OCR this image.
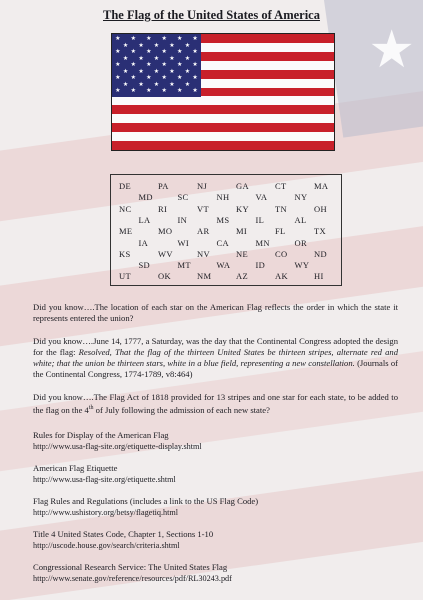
★
The Flag of the United States of America
★ ★ ★ ★ ★ ★
★ ★ ★ ★ ★
★ ★ ★ ★ ★ ★
★ ★ ★ ★ ★
★ ★ ★ ★ ★ ★
★ ★ ★ ★ ★
★ ★ ★ ★ ★ ★
★ ★ ★ ★ ★
★ ★ ★ ★ ★ ★
DE	PA	NJ	GA	CT	MA
MD	SC	NH	VA	NY
NC	RI	VT	KY	TN	OH
LA	IN	MS	IL	AL
ME	MO	AR	MI	FL	TX
IA	WI	CA	MN	OR
KS	WV	NV	NE	CO	ND
SD	MT	WA	ID	WY
UT	OK	NM	AZ	AK	HI

Did you know….The location of each star on the American Flag reflects the order in which the state it represents entered the union?

Did you know….June 14, 1777, a Saturday, was the day that the Continental Congress adopted the design for the flag: Resolved, That the flag of the thirteen United States be thirteen stripes, alternate red and white; that the union be thirteen stars, white in a blue field, representing a new constellation. (Journals of the Continental Congress, 1774-1789, v8:464)

Did you know….The Flag Act of 1818 provided for 13 stripes and one star for each state, to be added to the flag on the 4th of July following the admission of each new state?

Rules for Display of the American Flag
http://www.usa-flag-site.org/etiquette-display.shtml
American Flag Etiquette
http://www.usa-flag-site.org/etiquette.shtml
Flag Rules and Regulations (includes a link to the US Flag Code)
http://www.ushistory.org/betsy/flagetiq.html
Title 4 United States Code, Chapter 1, Sections 1-10
http://uscode.house.gov/search/criteria.shtml
Congressional Research Service: The United States Flag
http://www.senate.gov/reference/resources/pdf/RL30243.pdf
